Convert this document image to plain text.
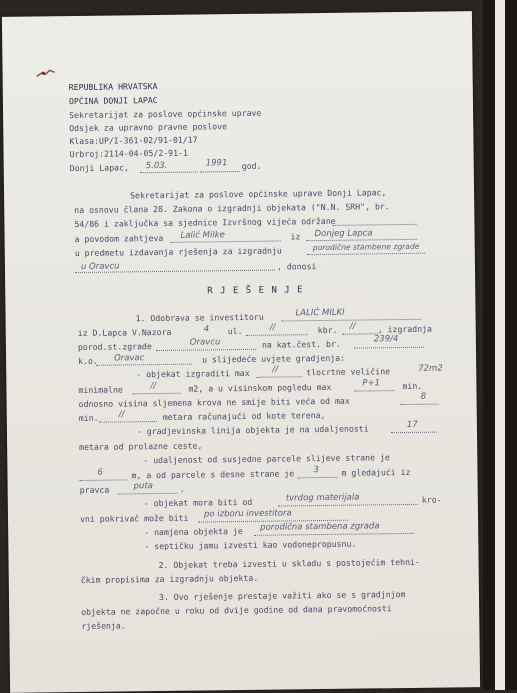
REPUBLIKA HRVATSKA
OPĆINA DONJI LAPAC
Sekretarijat za poslove općinske uprave
Odsjek za upravno pravne poslove
Klasa:UP/I-361-02/91-01/17
Urbroj:2114-04-05/2-91-1
Donji Lapac, 5.03.	1991 god.
Sekretarijat za poslove općinske uprave Donji Lapac,
na osnovu člana 28. Zakona o izgradnji objekata ("N.N. SRH", br.
54/86 i zaključka sa sjednice Izvršnog vijeća održane
a povodom zahtjeva Lalić Milke	iz Donjeg Lapca
u predmetu izdavanja rješenja za izgradnju	porodične stambene zgrade
u Oravcu	, donosi
R J E Š E N J E
1. Odobrava se investitoru	LALIĆ MILKI
iz D.Lapca V.Nazora	4 ul.	//	kbr. //	, izgradnja
porod.st.zgrade	Oravcu	na kat.čest. br.	239/4
k.o. Oravac	u slijedeće uvjete gradjenja:
- objekat izgraditi max	//	tlocrtne veličine	72m2
minimalne	//	m2, a u visinskom pogledu max	P+1	min.
odnosno visina sljemena krova ne smije biti veća od max	8
min. //	metara računajući od kote terena,
- gradjevinska linija objekta je na udaljenosti	17
metara od prolazne ceste,
- udaljenost od susjedne parcele slijeve strane je
6	m, a od parcele s desne strane je 3	m gledajući iz
pravca	puta	.
- objekat mora biti od	tvrdog materijala	kro-
vni pokrivač može biti po izboru investitora
- namjena objekta je porodična stambena zgrada
- septičku jamu izvesti kao vodonepropusnu.
2. Objekat treba izvesti u skladu s postojećim tehni-
čkim propisima za izgradnju objekta.
3. Ovo rješenje prestaje važiti ako se s gradjnjom
objekta ne započne u roku od dvije godine od dana pravomoćnosti
rješenja.
